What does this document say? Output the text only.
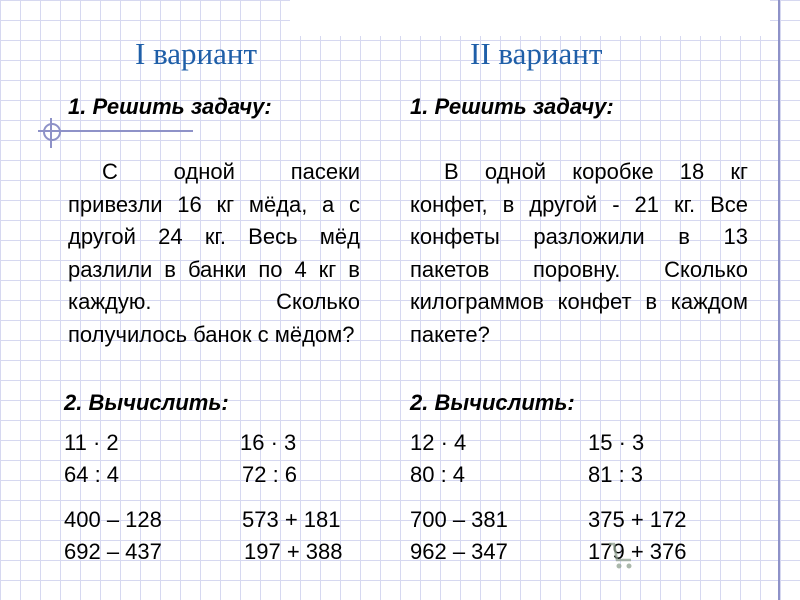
I вариант
1. Решить задачу:

С одной пасеки привезли 16 кг мёда, а с другой 24 кг. Весь мёд разлили в банки по 4 кг в каждую. Сколько получилось банок с мёдом?

2. Вычислить:
11 · 2	16 · 3
64 : 4	72 : 6
400 – 128	573 + 181
692 – 437	197 + 388
II вариант
1. Решить задачу:

В одной коробке 18 кг конфет, в другой - 21 кг. Все конфеты разложили в 13 пакетов поровну. Сколько килограммов конфет в каждом пакете?

2. Вычислить:
12 · 4	15 · 3
80 : 4	81 : 3
700 – 381	375 + 172
962 – 347	179 + 376
